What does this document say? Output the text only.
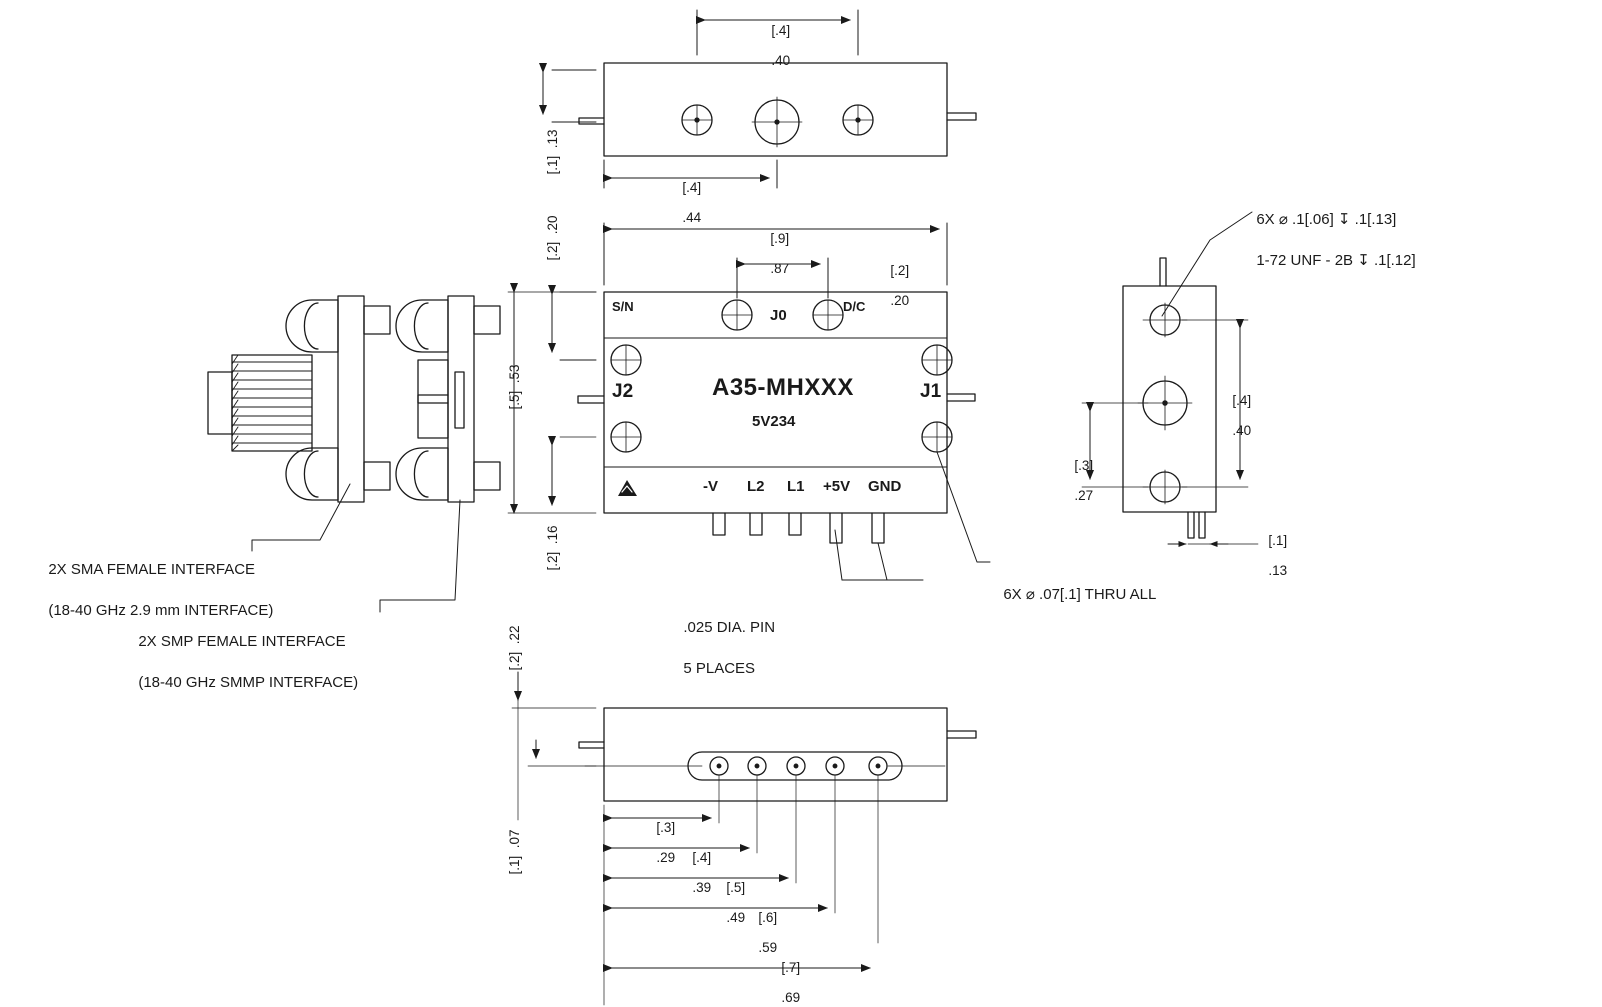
[.4]

.40

[.4]

.44

[.1]  .13

[.9]

.87	[.2]

.20

[.2]  .20

[.5]  .53

[.2]  .16

S/N	D/C
J0
J2	J1
A35-MHXXX
5V234
-V L2 L1 +5V GND

[.4]

.40

[.3]

.27

[.1]

.13

[.2]  .22

[.1]  .07

[.3]

.29	[.4]

.39	[.5]

.49 [.6]

.59

[.7]

.69

2X SMA FEMALE INTERFACE

(18-40 GHz 2.9 mm INTERFACE)

2X SMP FEMALE INTERFACE

(18-40 GHz SMMP INTERFACE)

.025 DIA. PIN

5 PLACES

6X ⌀ .07[.1] THRU ALL

6X ⌀ .1[.06] ↧ .1[.13]

1-72 UNF - 2B ↧ .1[.12]
